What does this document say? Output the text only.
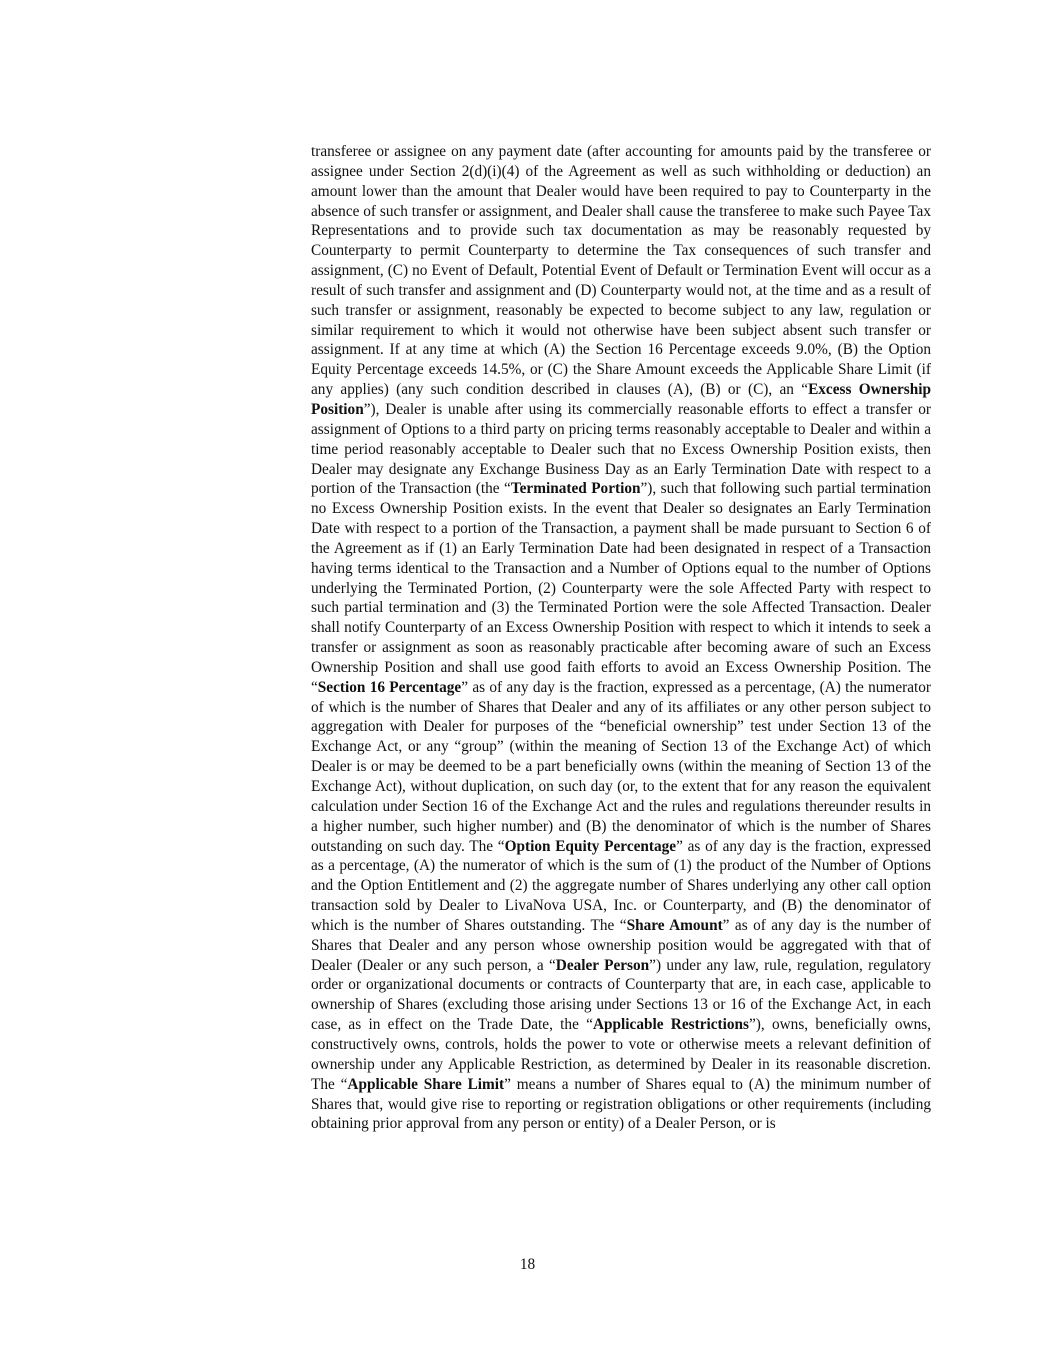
transferee or assignee on any payment date (after accounting for amounts paid by the transferee or assignee under Section 2(d)(i)(4) of the Agreement as well as such withholding or deduction) an amount lower than the amount that Dealer would have been required to pay to Counterparty in the absence of such transfer or assignment, and Dealer shall cause the transferee to make such Payee Tax Representations and to provide such tax documentation as may be reasonably requested by Counterparty to permit Counterparty to determine the Tax consequences of such transfer and assignment, (C) no Event of Default, Potential Event of Default or Termination Event will occur as a result of such transfer and assignment and (D) Counterparty would not, at the time and as a result of such transfer or assignment, reasonably be expected to become subject to any law, regulation or similar requirement to which it would not otherwise have been subject absent such transfer or assignment. If at any time at which (A) the Section 16 Percentage exceeds 9.0%, (B) the Option Equity Percentage exceeds 14.5%, or (C) the Share Amount exceeds the Applicable Share Limit (if any applies) (any such condition described in clauses (A), (B) or (C), an “Excess Ownership Position”), Dealer is unable after using its commercially reasonable efforts to effect a transfer or assignment of Options to a third party on pricing terms reasonably acceptable to Dealer and within a time period reasonably acceptable to Dealer such that no Excess Ownership Position exists, then Dealer may designate any Exchange Business Day as an Early Termination Date with respect to a portion of the Transaction (the “Terminated Portion”), such that following such partial termination no Excess Ownership Position exists. In the event that Dealer so designates an Early Termination Date with respect to a portion of the Transaction, a payment shall be made pursuant to Section 6 of the Agreement as if (1) an Early Termination Date had been designated in respect of a Transaction having terms identical to the Transaction and a Number of Options equal to the number of Options underlying the Terminated Portion, (2) Counterparty were the sole Affected Party with respect to such partial termination and (3) the Terminated Portion were the sole Affected Transaction. Dealer shall notify Counterparty of an Excess Ownership Position with respect to which it intends to seek a transfer or assignment as soon as reasonably practicable after becoming aware of such an Excess Ownership Position and shall use good faith efforts to avoid an Excess Ownership Position. The “Section 16 Percentage” as of any day is the fraction, expressed as a percentage, (A) the numerator of which is the number of Shares that Dealer and any of its affiliates or any other person subject to aggregation with Dealer for purposes of the “beneficial ownership” test under Section 13 of the Exchange Act, or any “group” (within the meaning of Section 13 of the Exchange Act) of which Dealer is or may be deemed to be a part beneficially owns (within the meaning of Section 13 of the Exchange Act), without duplication, on such day (or, to the extent that for any reason the equivalent calculation under Section 16 of the Exchange Act and the rules and regulations thereunder results in a higher number, such higher number) and (B) the denominator of which is the number of Shares outstanding on such day. The “Option Equity Percentage” as of any day is the fraction, expressed as a percentage, (A) the numerator of which is the sum of (1) the product of the Number of Options and the Option Entitlement and (2) the aggregate number of Shares underlying any other call option transaction sold by Dealer to LivaNova USA, Inc. or Counterparty, and (B) the denominator of which is the number of Shares outstanding. The “Share Amount” as of any day is the number of Shares that Dealer and any person whose ownership position would be aggregated with that of Dealer (Dealer or any such person, a “Dealer Person”) under any law, rule, regulation, regulatory order or organizational documents or contracts of Counterparty that are, in each case, applicable to ownership of Shares (excluding those arising under Sections 13 or 16 of the Exchange Act, in each case, as in effect on the Trade Date, the “Applicable Restrictions”), owns, beneficially owns, constructively owns, controls, holds the power to vote or otherwise meets a relevant definition of ownership under any Applicable Restriction, as determined by Dealer in its reasonable discretion. The “Applicable Share Limit” means a number of Shares equal to (A) the minimum number of Shares that, would give rise to reporting or registration obligations or other requirements (including obtaining prior approval from any person or entity) of a Dealer Person, or is

18
